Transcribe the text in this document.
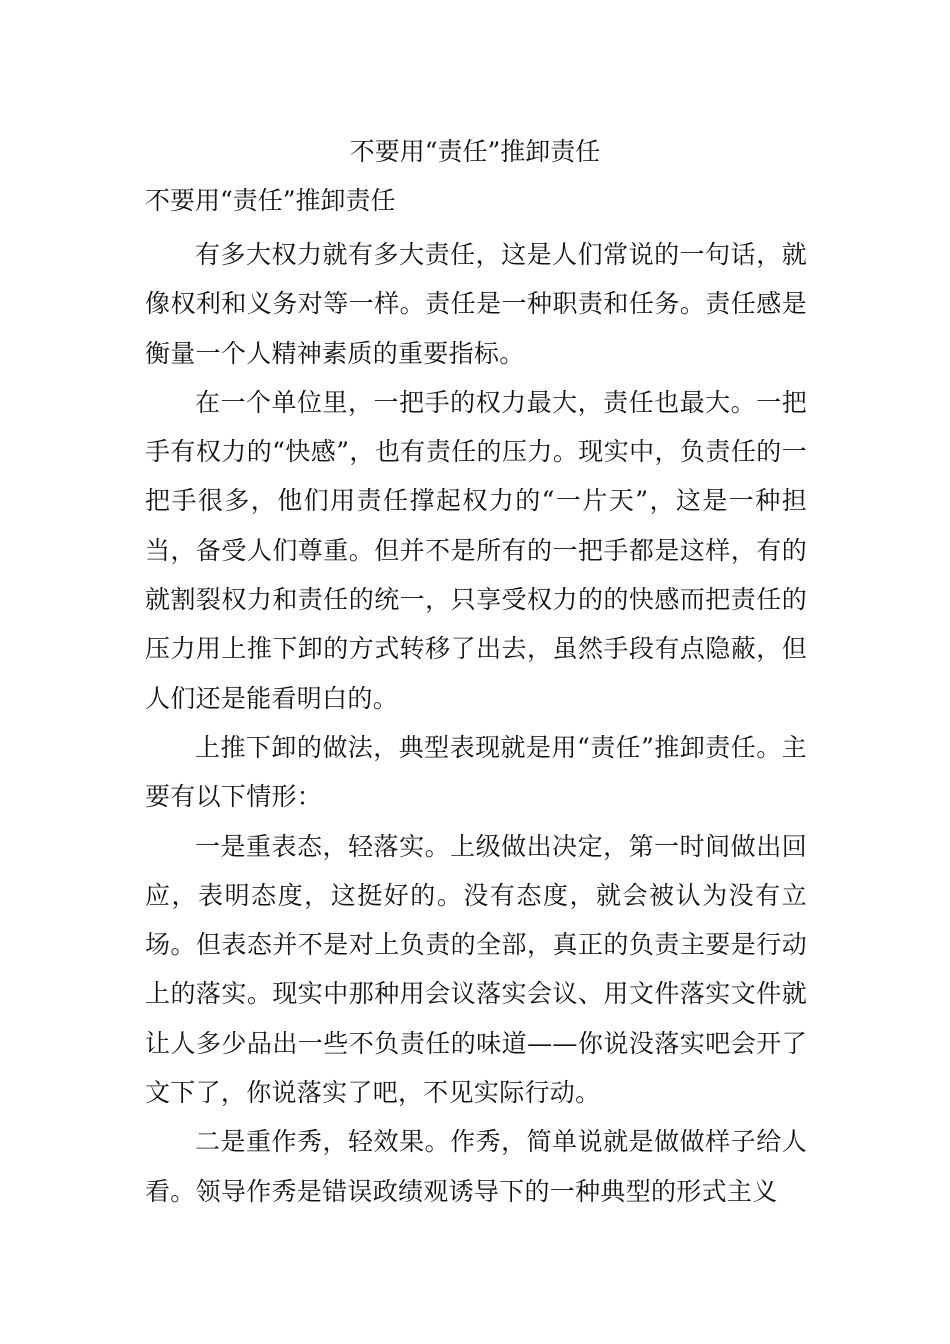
不要用“责任”推卸责任
不要用“责任”推卸责任

有多大权力就有多大责任，这是人们常说的一句话，就像权利和义务对等一样。责任是一种职责和任务。责任感是衡量一个人精神素质的重要指标。

在一个单位里，一把手的权力最大，责任也最大。一把手有权力的“快感”，也有责任的压力。现实中，负责任的一把手很多，他们用责任撑起权力的“一片天”，这是一种担当，备受人们尊重。但并不是所有的一把手都是这样，有的就割裂权力和责任的统一，只享受权力的的快感而把责任的压力用上推下卸的方式转移了出去，虽然手段有点隐蔽，但人们还是能看明白的。

上推下卸的做法，典型表现就是用“责任”推卸责任。主要有以下情形：

一是重表态，轻落实。上级做出决定，第一时间做出回应，表明态度，这挺好的。没有态度，就会被认为没有立场。但表态并不是对上负责的全部，真正的负责主要是行动上的落实。现实中那种用会议落实会议、用文件落实文件就让人多少品出一些不负责任的味道——你说没落实吧会开了文下了，你说落实了吧，不见实际行动。

二是重作秀，轻效果。作秀，简单说就是做做样子给人看。领导作秀是错误政绩观诱导下的一种典型的形式主义
